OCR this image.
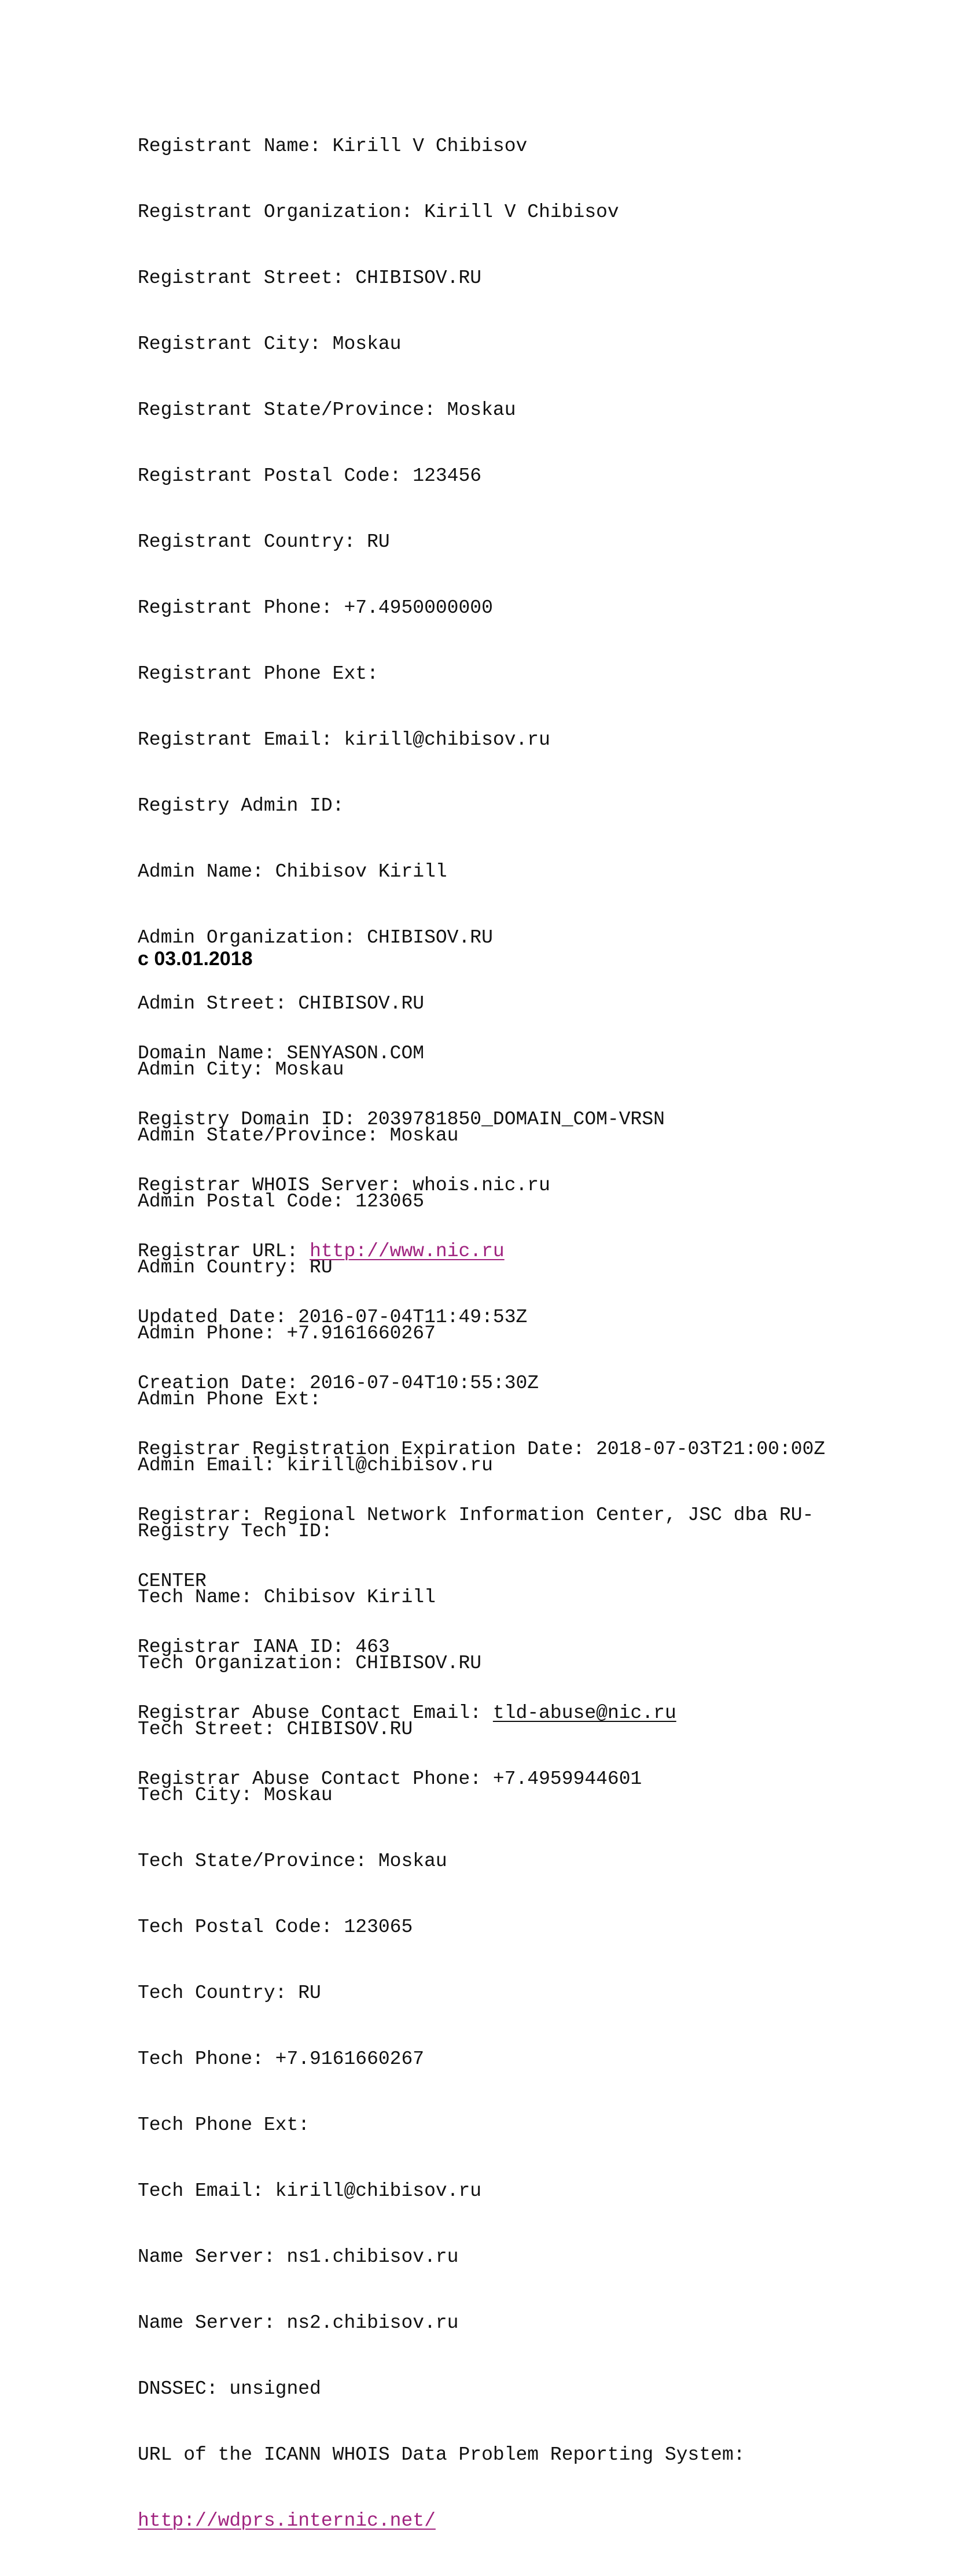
Registrant Name: Kirill V Chibisov

Registrant Organization: Kirill V Chibisov

Registrant Street: CHIBISOV.RU

Registrant City: Moskau

Registrant State/Province: Moskau

Registrant Postal Code: 123456

Registrant Country: RU

Registrant Phone: +7.4950000000

Registrant Phone Ext:

Registrant Email: kirill@chibisov.ru

Registry Admin ID:

Admin Name: Chibisov Kirill

Admin Organization: CHIBISOV.RU

Admin Street: CHIBISOV.RU

Admin City: Moskau

Admin State/Province: Moskau

Admin Postal Code: 123065

Admin Country: RU

Admin Phone: +7.9161660267

Admin Phone Ext:

Admin Email: kirill@chibisov.ru

Registry Tech ID:

Tech Name: Chibisov Kirill

Tech Organization: CHIBISOV.RU

Tech Street: CHIBISOV.RU

Tech City: Moskau

Tech State/Province: Moskau

Tech Postal Code: 123065

Tech Country: RU

Tech Phone: +7.9161660267

Tech Phone Ext:

Tech Email: kirill@chibisov.ru

Name Server: ns1.chibisov.ru

Name Server: ns2.chibisov.ru

DNSSEC: unsigned

URL of the ICANN WHOIS Data Problem Reporting System:

http://wdprs.internic.net/

с 03.01.2018

Domain Name: SENYASON.COM

Registry Domain ID: 2039781850_DOMAIN_COM-VRSN

Registrar WHOIS Server: whois.nic.ru

Registrar URL: http://www.nic.ru

Updated Date: 2016-07-04T11:49:53Z

Creation Date: 2016-07-04T10:55:30Z

Registrar Registration Expiration Date: 2018-07-03T21:00:00Z

Registrar: Regional Network Information Center, JSC dba RU-

CENTER

Registrar IANA ID: 463

Registrar Abuse Contact Email: tld-abuse@nic.ru

Registrar Abuse Contact Phone: +7.4959944601
